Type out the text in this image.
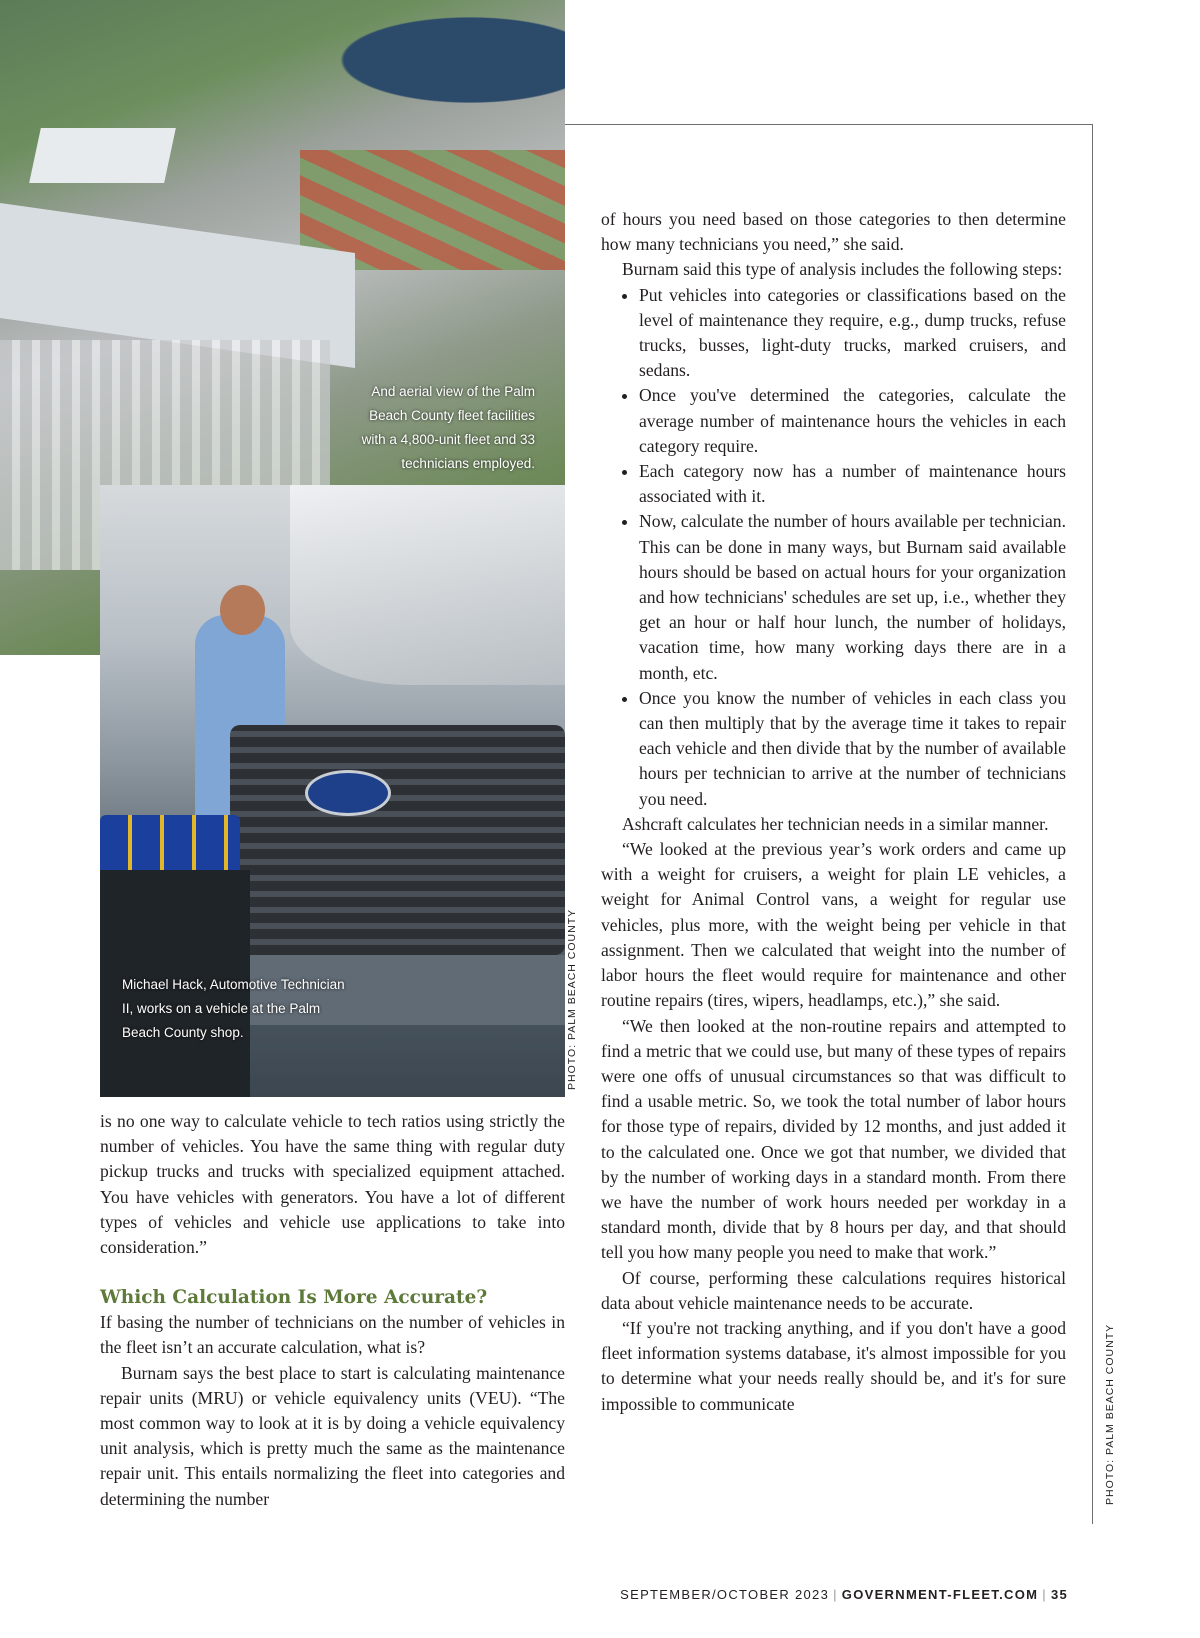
And aerial view of the Palm Beach County fleet facilities with a 4,800-unit fleet and 33 technicians employed.
Michael Hack, Automotive Technician II, works on a vehicle at the Palm Beach County shop.	PHOTO: PALM BEACH COUNTY
PHOTO: PALM BEACH COUNTY

is no one way to calculate vehicle to tech ratios using strictly the number of vehicles. You have the same thing with regular duty pickup trucks and trucks with specialized equipment attached. You have vehicles with generators. You have a lot of different types of vehicles and vehicle use applications to take into consideration.”

Which Calculation Is More Accurate?

If basing the number of technicians on the number of vehicles in the fleet isn’t an accurate calculation, what is?

Burnam says the best place to start is calculating maintenance repair units (MRU) or vehicle equivalency units (VEU). “The most common way to look at it is by doing a vehicle equivalency unit analysis, which is pretty much the same as the maintenance repair unit. This entails normalizing the fleet into categories and determining the number

of hours you need based on those categories to then determine how many technicians you need,” she said.

Burnam said this type of analysis includes the following steps:

• Put vehicles into categories or classifications based on the level of maintenance they require, e.g., dump trucks, refuse trucks, busses, light-duty trucks, marked cruisers, and sedans.
• Once you've determined the categories, calculate the average number of maintenance hours the vehicles in each category require.
• Each category now has a number of maintenance hours associated with it.
• Now, calculate the number of hours available per technician. This can be done in many ways, but Burnam said available hours should be based on actual hours for your organization and how technicians' schedules are set up, i.e., whether they get an hour or half hour lunch, the number of holidays, vacation time, how many working days there are in a month, etc.
• Once you know the number of vehicles in each class you can then multiply that by the average time it takes to repair each vehicle and then divide that by the number of available hours per technician to arrive at the number of technicians you need.

Ashcraft calculates her technician needs in a similar manner.

“We looked at the previous year’s work orders and came up with a weight for cruisers, a weight for plain LE vehicles, a weight for Animal Control vans, a weight for regular use vehicles, plus more, with the weight being per vehicle in that assignment. Then we calculated that weight into the number of labor hours the fleet would require for maintenance and other routine repairs (tires, wipers, headlamps, etc.),” she said.

“We then looked at the non-routine repairs and attempted to find a metric that we could use, but many of these types of repairs were one offs of unusual circumstances so that was difficult to find a usable metric. So, we took the total number of labor hours for those type of repairs, divided by 12 months, and just added it to the calculated one. Once we got that number, we divided that by the number of working days in a standard month. From there we have the number of work hours needed per workday in a standard month, divide that by 8 hours per day, and that should tell you how many people you need to make that work.”

Of course, performing these calculations requires historical data about vehicle maintenance needs to be accurate.

“If you're not tracking anything, and if you don't have a good fleet information systems database, it's almost impossible for you to determine what your needs really should be, and it's for sure impossible to communicate

SEPTEMBER/OCTOBER 2023 | GOVERNMENT-FLEET.COM | 35
